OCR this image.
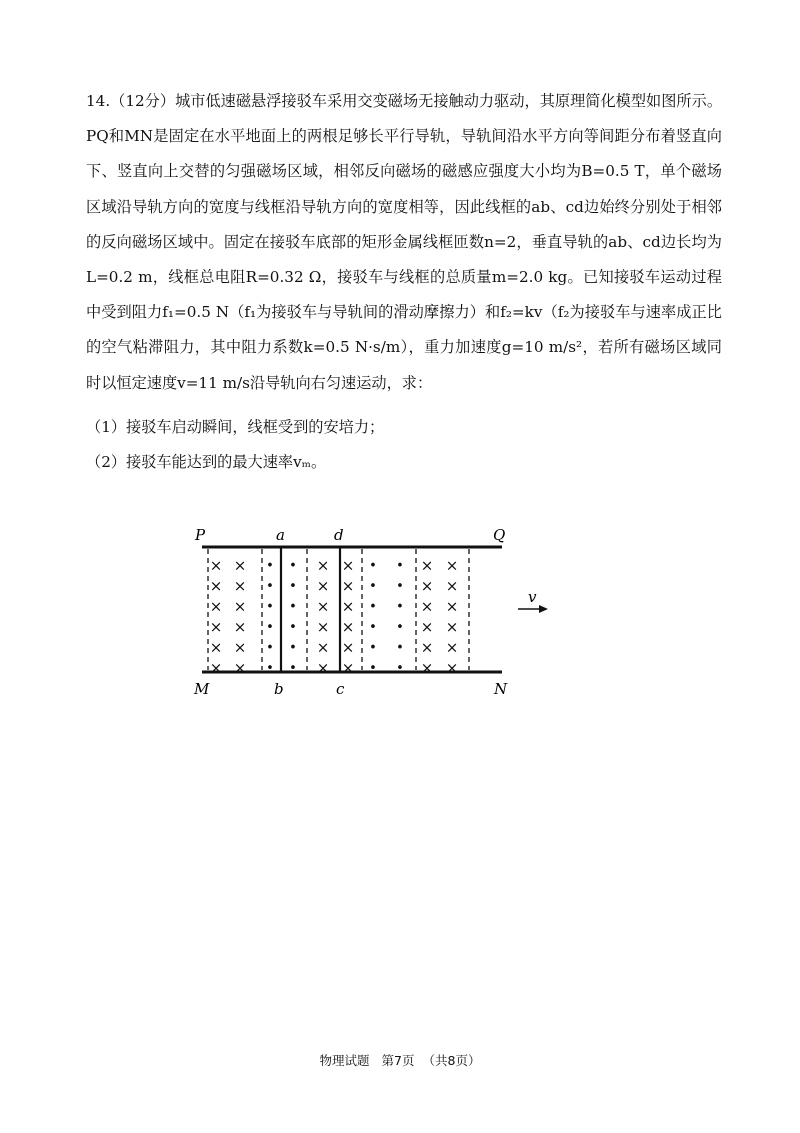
14.（12分）城市低速磁悬浮接驳车采用交变磁场无接触动力驱动，其原理简化模型如图所示。PQ和MN是固定在水平地面上的两根足够长平行导轨，导轨间沿水平方向等间距分布着竖直向下、竖直向上交替的匀强磁场区域，相邻反向磁场的磁感应强度大小均为B=0.5 T，单个磁场区域沿导轨方向的宽度与线框沿导轨方向的宽度相等，因此线框的ab、cd边始终分别处于相邻的反向磁场区域中。固定在接驳车底部的矩形金属线框匝数n=2，垂直导轨的ab、cd边长均为L=0.2 m，线框总电阻R=0.32 Ω，接驳车与线框的总质量m=2.0 kg。已知接驳车运动过程中受到阻力f₁=0.5 N（f₁为接驳车与导轨间的滑动摩擦力）和f₂=kv（f₂为接驳车与速率成正比的空气粘滞阻力，其中阻力系数k=0.5 N·s/m），重力加速度g=10 m/s²，若所有磁场区域同时以恒定速度v=11 m/s沿导轨向右匀速运动，求：

（1）接驳车启动瞬间，线框受到的安培力；
（2）接驳车能达到的最大速率vₘ。
× × • • × × • • × ×
× × • • × × • • × ×
× × • • × × • • × ×
× × • • × × • • × ×
× × • • × × • • × ×
× × • • × × • • × ×
P	Q
M	N
a	d
b	c
v
物理试题 第7页 （共8页）
